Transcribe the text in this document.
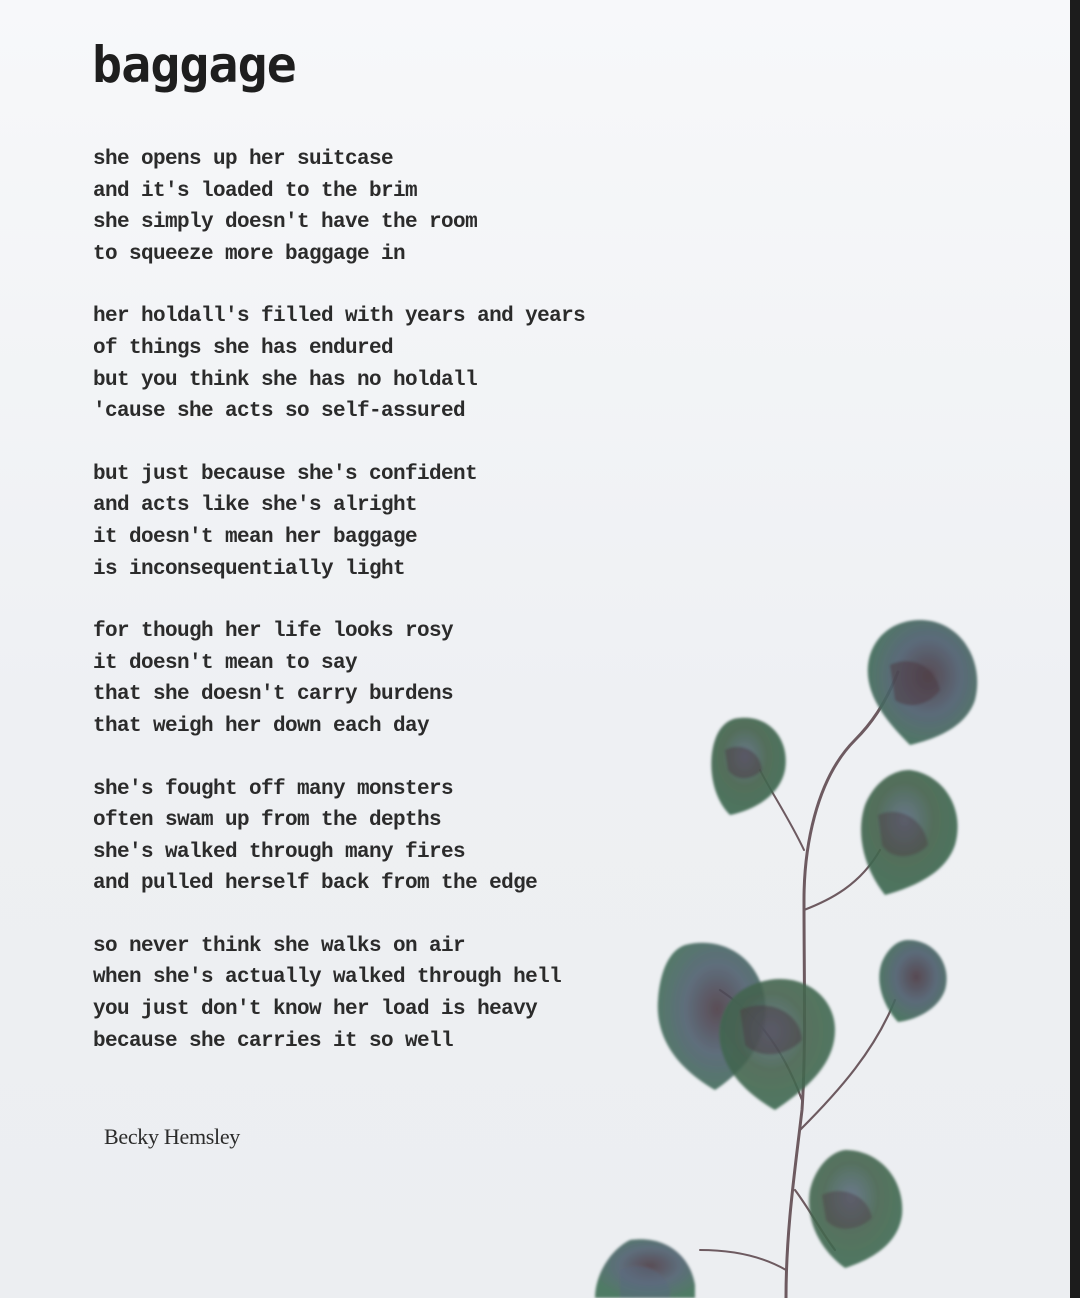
baggage
she opens up her suitcase
and it's loaded to the brim
she simply doesn't have the room
to squeeze more baggage in
her holdall's filled with years and years
of things she has endured
but you think she has no holdall
'cause she acts so self-assured
but just because she's confident
and acts like she's alright
it doesn't mean her baggage
is inconsequentially light
for though her life looks rosy
it doesn't mean to say
that she doesn't carry burdens
that weigh her down each day
she's fought off many monsters
often swam up from the depths
she's walked through many fires
and pulled herself back from the edge
so never think she walks on air
when she's actually walked through hell
you just don't know her load is heavy
because she carries it so well
Becky Hemsley
